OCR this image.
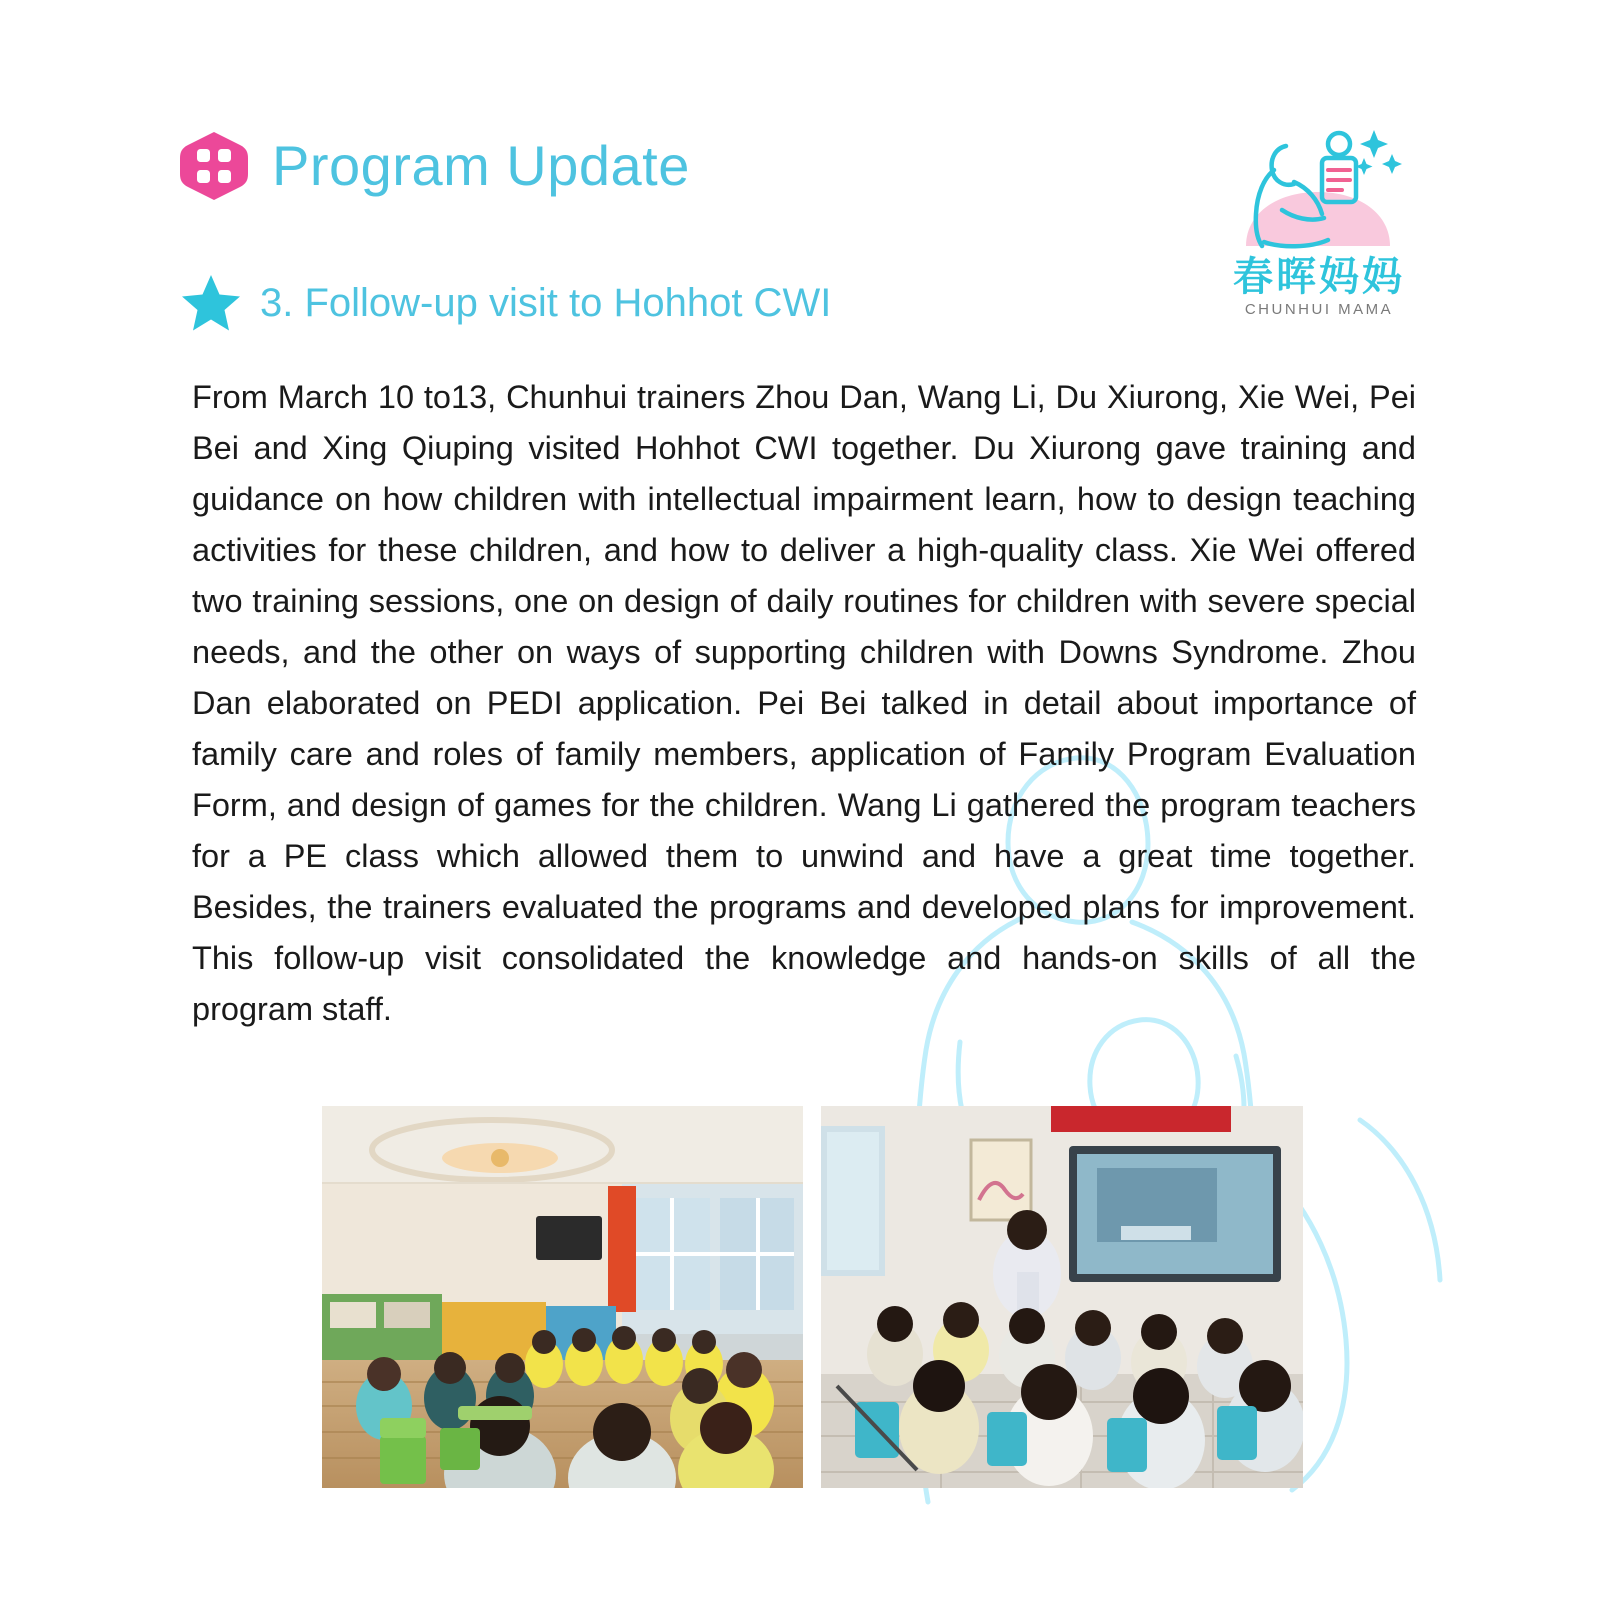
Program Update
春晖妈妈
CHUNHUI MAMA
3. Follow-up visit to Hohhot CWI
From March 10 to13, Chunhui trainers Zhou Dan, Wang Li, Du Xiurong, Xie Wei, Pei Bei and Xing Qiuping visited Hohhot CWI together. Du Xiurong gave training and guidance on how children with intellectual impairment learn, how to design teaching activities for these children, and how to deliver a high-quality class. Xie Wei offered two training sessions, one on design of daily routines for children with severe special needs, and the other on ways of supporting children with Downs Syndrome. Zhou Dan elaborated on PEDI application. Pei Bei talked in detail about importance of family care and roles of family members, application of Family Program Evaluation Form, and design of games for the children. Wang Li gathered the program teachers for a PE class which allowed them to unwind and have a great time together. Besides, the trainers evaluated the programs and developed plans for improvement. This follow-up visit consolidated the knowledge and hands-on skills of all the program staff.
